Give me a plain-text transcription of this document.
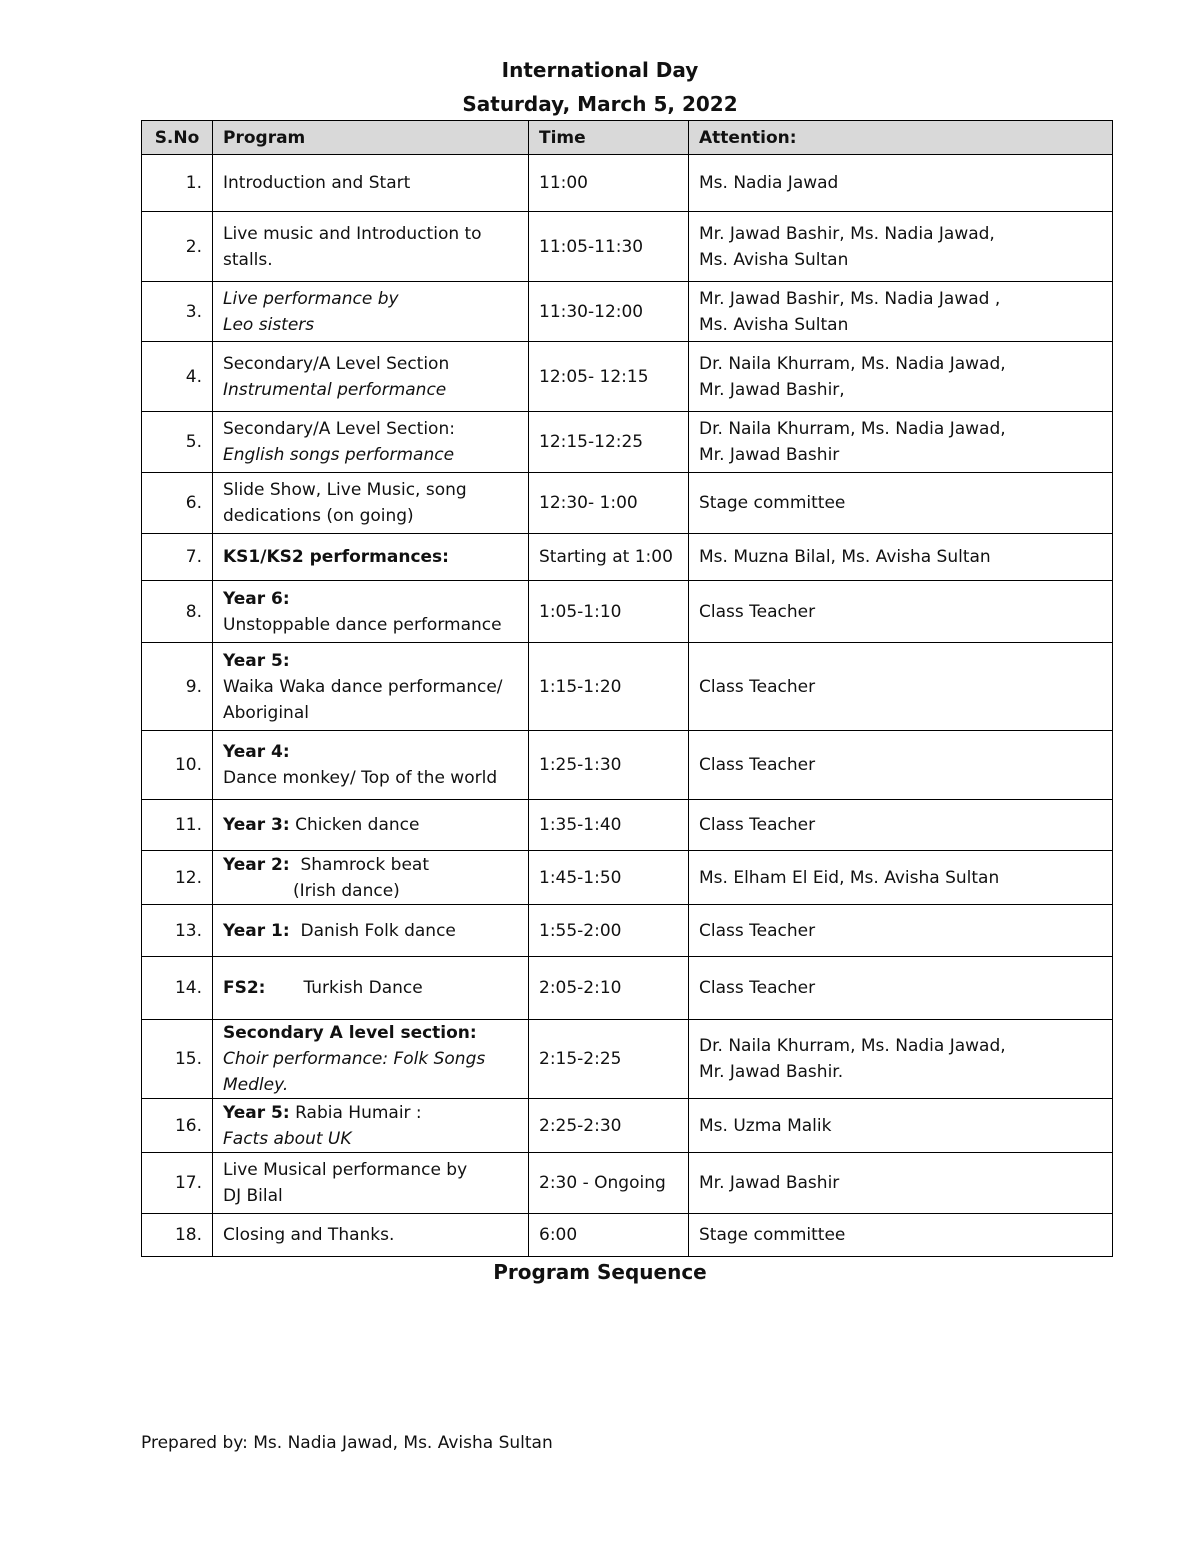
International Day
Saturday, March 5, 2022
S.No	Program	Time	Attention:
1.	Introduction and Start	11:00	Ms. Nadia Jawad
2.	Live music and Introduction to
stalls.	11:05-11:30	Mr. Jawad Bashir, Ms. Nadia Jawad,
Ms. Avisha Sultan
3.	Live performance by
Leo sisters	11:30-12:00	Mr. Jawad Bashir, Ms. Nadia Jawad ,
Ms. Avisha Sultan
4.	Secondary/A Level Section
Instrumental performance	12:05- 12:15	Dr. Naila Khurram, Ms. Nadia Jawad,
Mr. Jawad Bashir,
5.	Secondary/A Level Section:
English songs performance	12:15-12:25	Dr. Naila Khurram, Ms. Nadia Jawad,
Mr. Jawad Bashir
6.	Slide Show, Live Music, song
dedications (on going)	12:30- 1:00	Stage committee
7.	KS1/KS2 performances:	Starting at 1:00	Ms. Muzna Bilal, Ms. Avisha Sultan
8.	Year 6:
Unstoppable dance performance	1:05-1:10	Class Teacher
9.	Year 5:
Waika Waka dance performance/
Aboriginal	1:15-1:20	Class Teacher
10.	Year 4:
Dance monkey/ Top of the world	1:25-1:30	Class Teacher
11.	Year 3: Chicken dance	1:35-1:40	Class Teacher
12.	Year 2:  Shamrock beat
(Irish dance)	1:45-1:50	Ms. Elham El Eid, Ms. Avisha Sultan
13.	Year 1:  Danish Folk dance	1:55-2:00	Class Teacher
14.	FS2: Turkish Dance	2:05-2:10	Class Teacher
15.	Secondary A level section:
Choir performance: Folk Songs
Medley.	2:15-2:25	Dr. Naila Khurram, Ms. Nadia Jawad,
Mr. Jawad Bashir.
16.	Year 5: Rabia Humair :
Facts about UK	2:25-2:30	Ms. Uzma Malik
17.	Live Musical performance by
DJ Bilal	2:30 - Ongoing	Mr. Jawad Bashir
18.	Closing and Thanks.	6:00	Stage committee
Program Sequence
Prepared by: Ms. Nadia Jawad, Ms. Avisha Sultan
